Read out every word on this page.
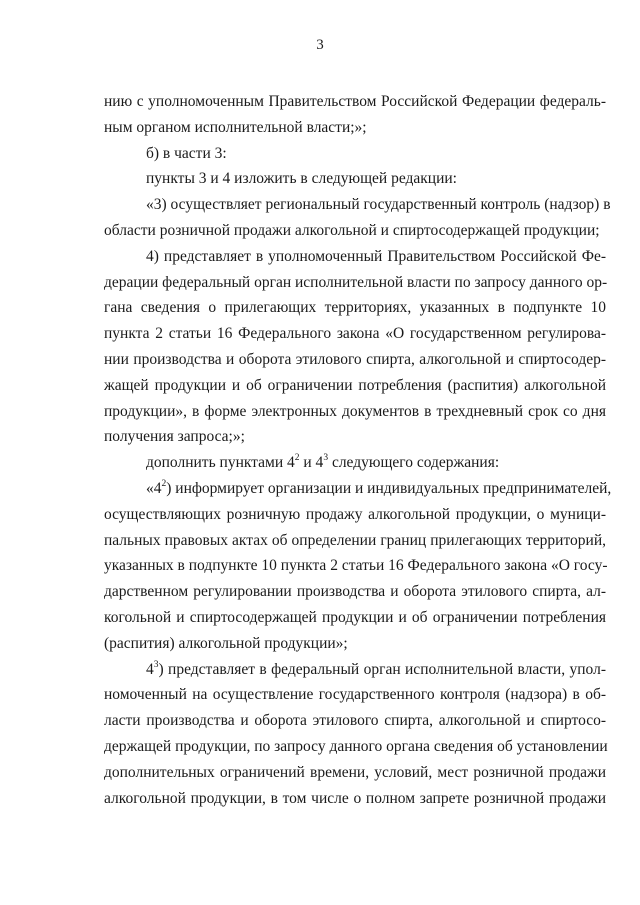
3
нию с уполномоченным Правительством Российской Федерации федераль-
ным органом исполнительной власти;»;
б) в части 3:
пункты 3 и 4 изложить в следующей редакции:
«3) осуществляет региональный государственный контроль (надзор) в
области розничной продажи алкогольной и спиртосодержащей продукции;
4) представляет в уполномоченный Правительством Российской Фе-
дерации федеральный орган исполнительной власти по запросу данного ор-
гана сведения о прилегающих территориях, указанных в подпункте 10
пункта 2 статьи 16 Федерального закона «О государственном регулирова-
нии производства и оборота этилового спирта, алкогольной и спиртосодер-
жащей продукции и об ограничении потребления (распития) алкогольной
продукции», в форме электронных документов в трехдневный срок со дня
получения запроса;»;
дополнить пунктами $4^2$ и $4^3$ следующего содержания:
«$4^2$) информирует организации и индивидуальных предпринимателей,
осуществляющих розничную продажу алкогольной продукции, о муници-
пальных правовых актах об определении границ прилегающих территорий,
указанных в подпункте 10 пункта 2 статьи 16 Федерального закона «О госу-
дарственном регулировании производства и оборота этилового спирта, ал-
когольной и спиртосодержащей продукции и об ограничении потребления
(распития) алкогольной продукции»;
$4^3$) представляет в федеральный орган исполнительной власти, упол-
номоченный на осуществление государственного контроля (надзора) в об-
ласти производства и оборота этилового спирта, алкогольной и спиртосо-
держащей продукции, по запросу данного органа сведения об установлении
дополнительных ограничений времени, условий, мест розничной продажи
алкогольной продукции, в том числе о полном запрете розничной продажи
